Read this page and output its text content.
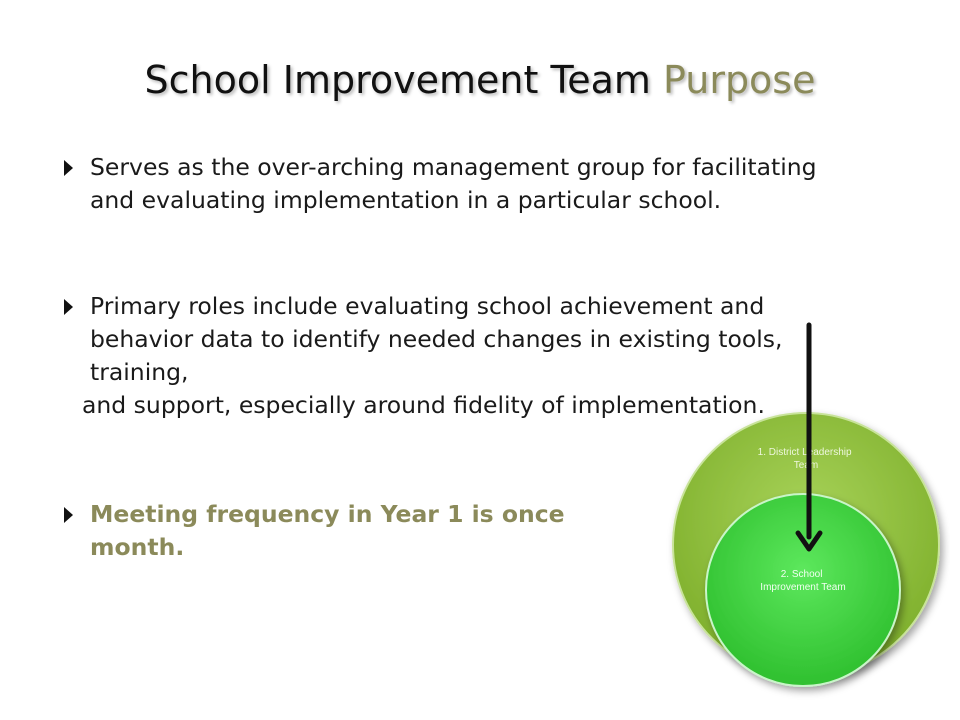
School Improvement Team Purpose
Serves as the over-arching management group for facilitating and evaluating implementation in a particular school.
Primary roles include evaluating school achievement and behavior data to identify needed changes in existing tools, training,
and support, especially around fidelity of implementation.
Meeting frequency in Year 1 is once month.
1. District Leadership Team
2. School Improvement Team
